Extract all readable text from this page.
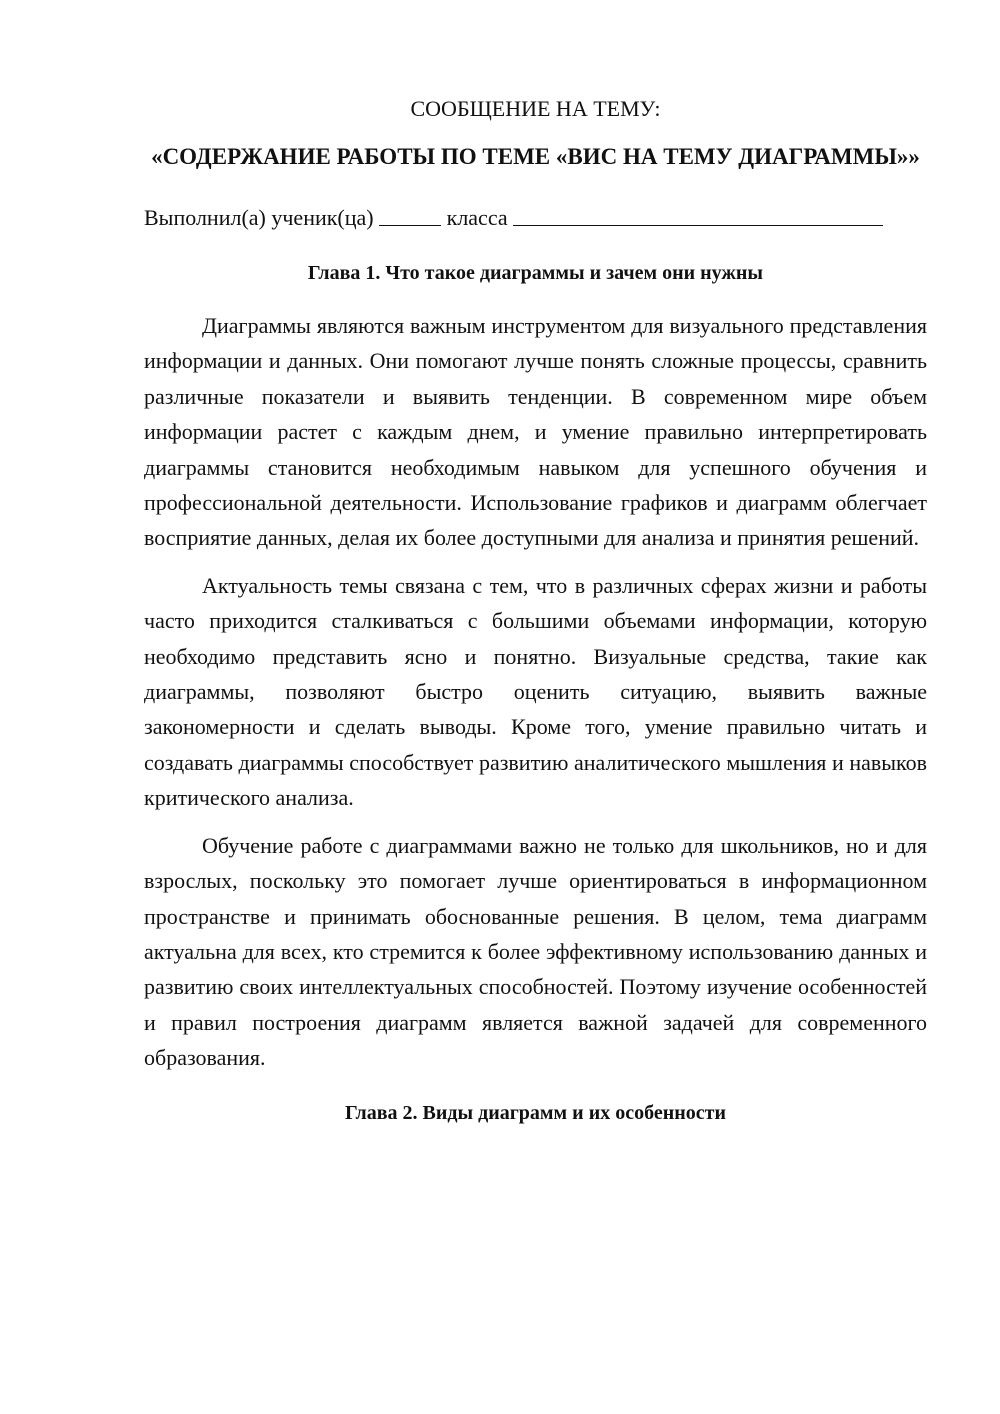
СООБЩЕНИЕ НА ТЕМУ:

«СОДЕРЖАНИЕ РАБОТЫ ПО ТЕМЕ «ВИС НА ТЕМУ ДИАГРАММЫ»»

Выполнил(а) ученик(ца)	класса

Глава 1. Что такое диаграммы и зачем они нужны

Диаграммы являются важным инструментом для визуального представления информации и данных. Они помогают лучше понять сложные процессы, сравнить различные показатели и выявить тенденции. В современном мире объем информации растет с каждым днем, и умение правильно интерпретировать диаграммы становится необходимым навыком для успешного обучения и профессиональной деятельности. Использование графиков и диаграмм облегчает восприятие данных, делая их более доступными для анализа и принятия решений.

Актуальность темы связана с тем, что в различных сферах жизни и работы часто приходится сталкиваться с большими объемами информации, которую необходимо представить ясно и понятно. Визуальные средства, такие как диаграммы, позволяют быстро оценить ситуацию, выявить важные закономерности и сделать выводы. Кроме того, умение правильно читать и создавать диаграммы способствует развитию аналитического мышления и навыков критического анализа.

Обучение работе с диаграммами важно не только для школьников, но и для взрослых, поскольку это помогает лучше ориентироваться в информационном пространстве и принимать обоснованные решения. В целом, тема диаграмм актуальна для всех, кто стремится к более эффективному использованию данных и развитию своих интеллектуальных способностей. Поэтому изучение особенностей и правил построения диаграмм является важной задачей для современного образования.

Глава 2. Виды диаграмм и их особенности
